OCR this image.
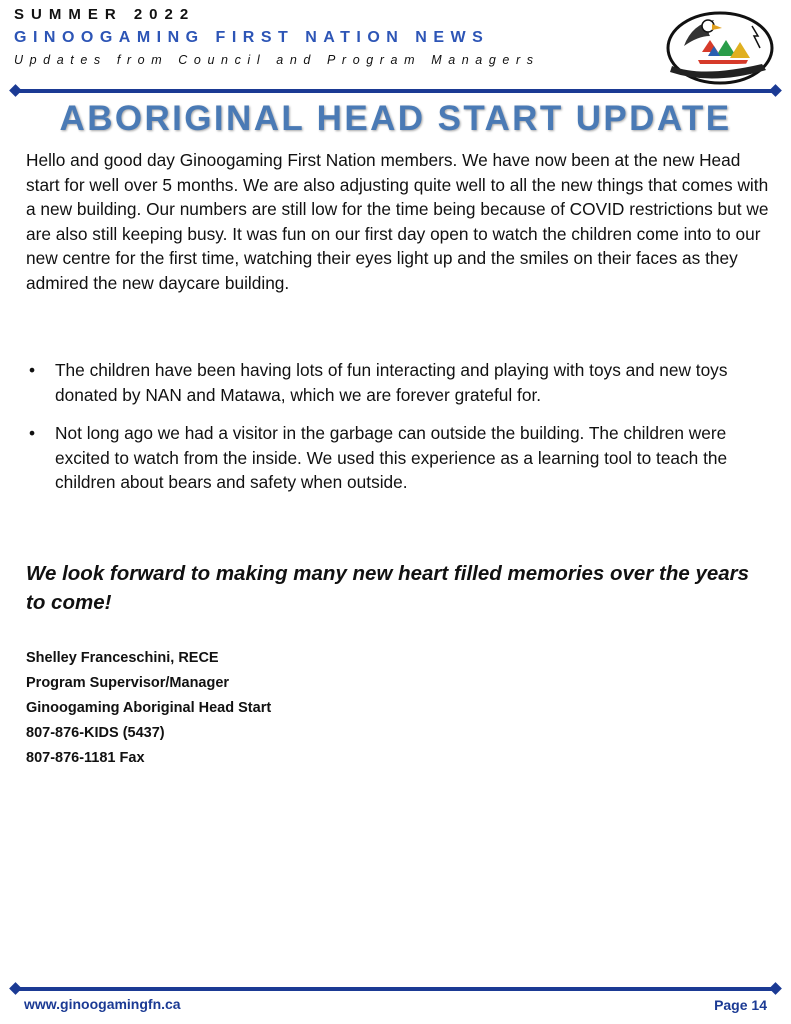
SUMMER 2022
GINOOGAMING FIRST NATION NEWS
Updates from Council and Program Managers
ABORIGINAL HEAD START UPDATE

Hello and good day Ginoogaming First Nation members. We have now been at the new Head start for well over 5 months. We are also adjusting quite well to all the new things that comes with a new building. Our numbers are still low for the time being because of COVID restrictions but we are also still keeping busy. It was fun on our first day open to watch the children come into to our new centre for the first time, watching their eyes light up and the smiles on their faces as they admired the new daycare building.

• The children have been having lots of fun interacting and playing with toys and new toys donated by NAN and Matawa, which we are forever grateful for.
• Not long ago we had a visitor in the garbage can outside the building. The children were excited to watch from the inside. We used this experience as a learning tool to teach the children about bears and safety when outside.

We look forward to making many new heart filled memories over the years to come!

Shelley Franceschini, RECE
Program Supervisor/Manager
Ginoogaming Aboriginal Head Start
807-876-KIDS (5437)
807-876-1181 Fax
www.ginoogamingfn.ca	Page 14
